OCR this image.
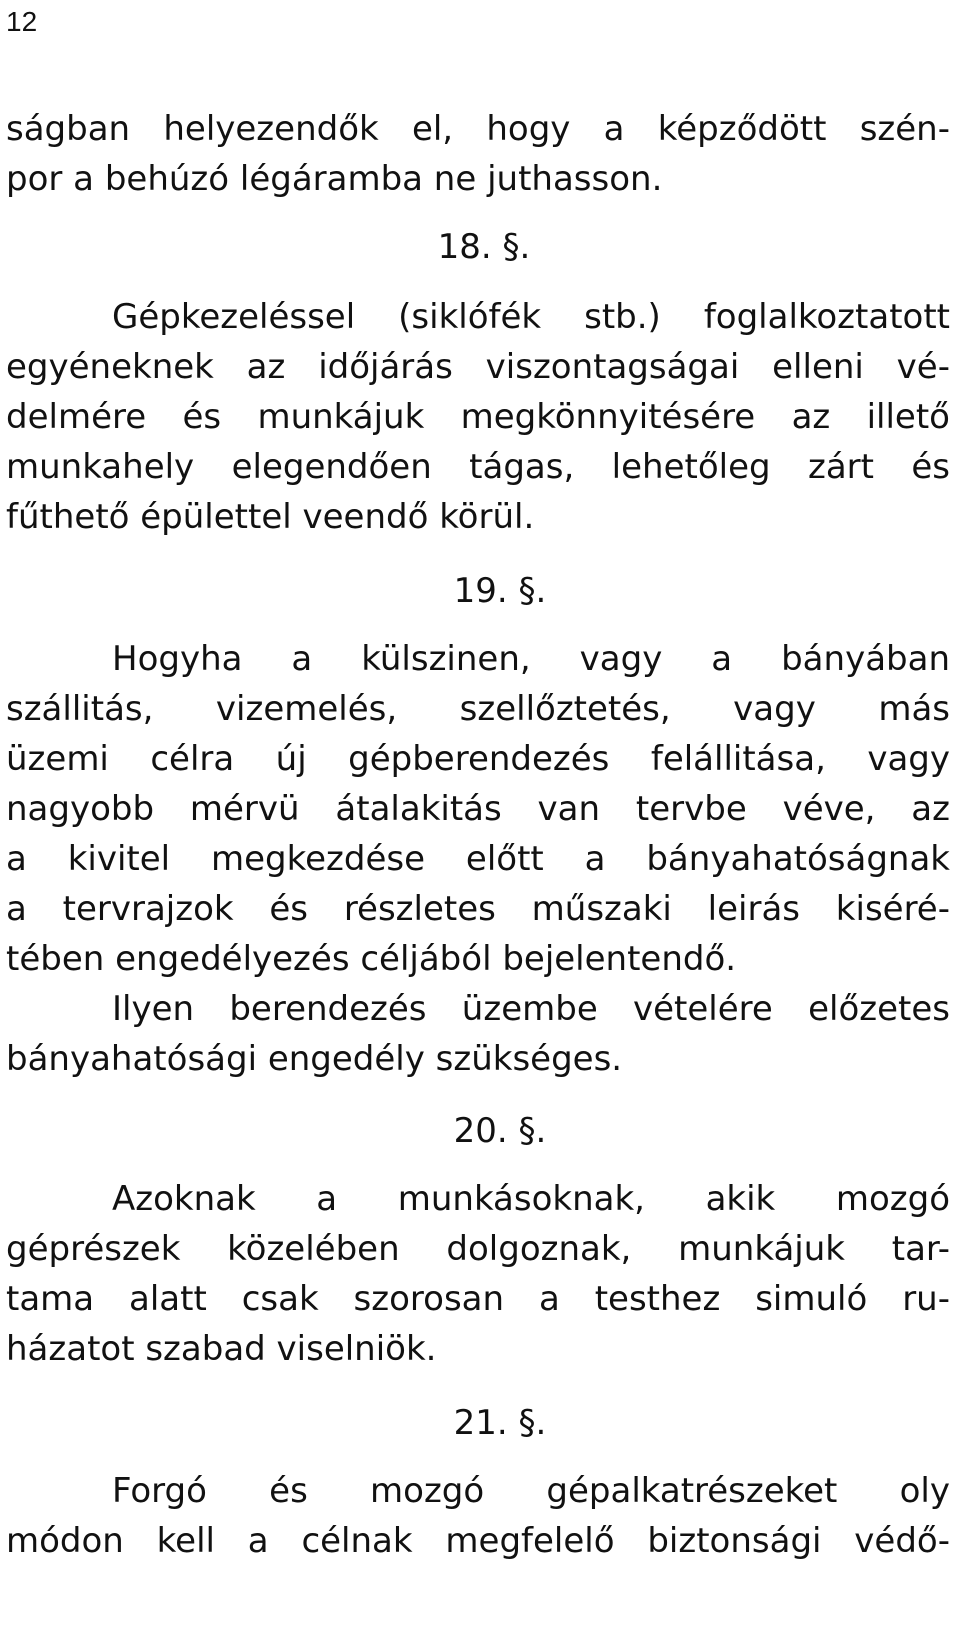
12
ságban helyezendők el, hogy a képződött szén-
por a behúzó légáramba ne juthasson.
18. §.
Gépkezeléssel (siklófék stb.) foglalkoztatott
egyéneknek az időjárás viszontagságai elleni vé-
delmére és munkájuk megkönnyitésére az illető
munkahely elegendően tágas, lehetőleg zárt és
fűthető épülettel veendő körül.
19. §.
Hogyha a külszinen, vagy a bányában
szállitás, vizemelés, szellőztetés, vagy más
üzemi célra új gépberendezés felállitása, vagy
nagyobb mérvü átalakitás van tervbe véve, az
a kivitel megkezdése előtt a bányahatóságnak
a tervrajzok és részletes műszaki leirás kiséré-
tében engedélyezés céljából bejelentendő.
Ilyen berendezés üzembe vételére előzetes
bányahatósági engedély szükséges.
20. §.
Azoknak a munkásoknak, akik mozgó
géprészek közelében dolgoznak, munkájuk tar-
tama alatt csak szorosan a testhez simuló ru-
házatot szabad viselniök.
21. §.
Forgó és mozgó gépalkatrészeket oly
módon kell a célnak megfelelő biztonsági védő-
